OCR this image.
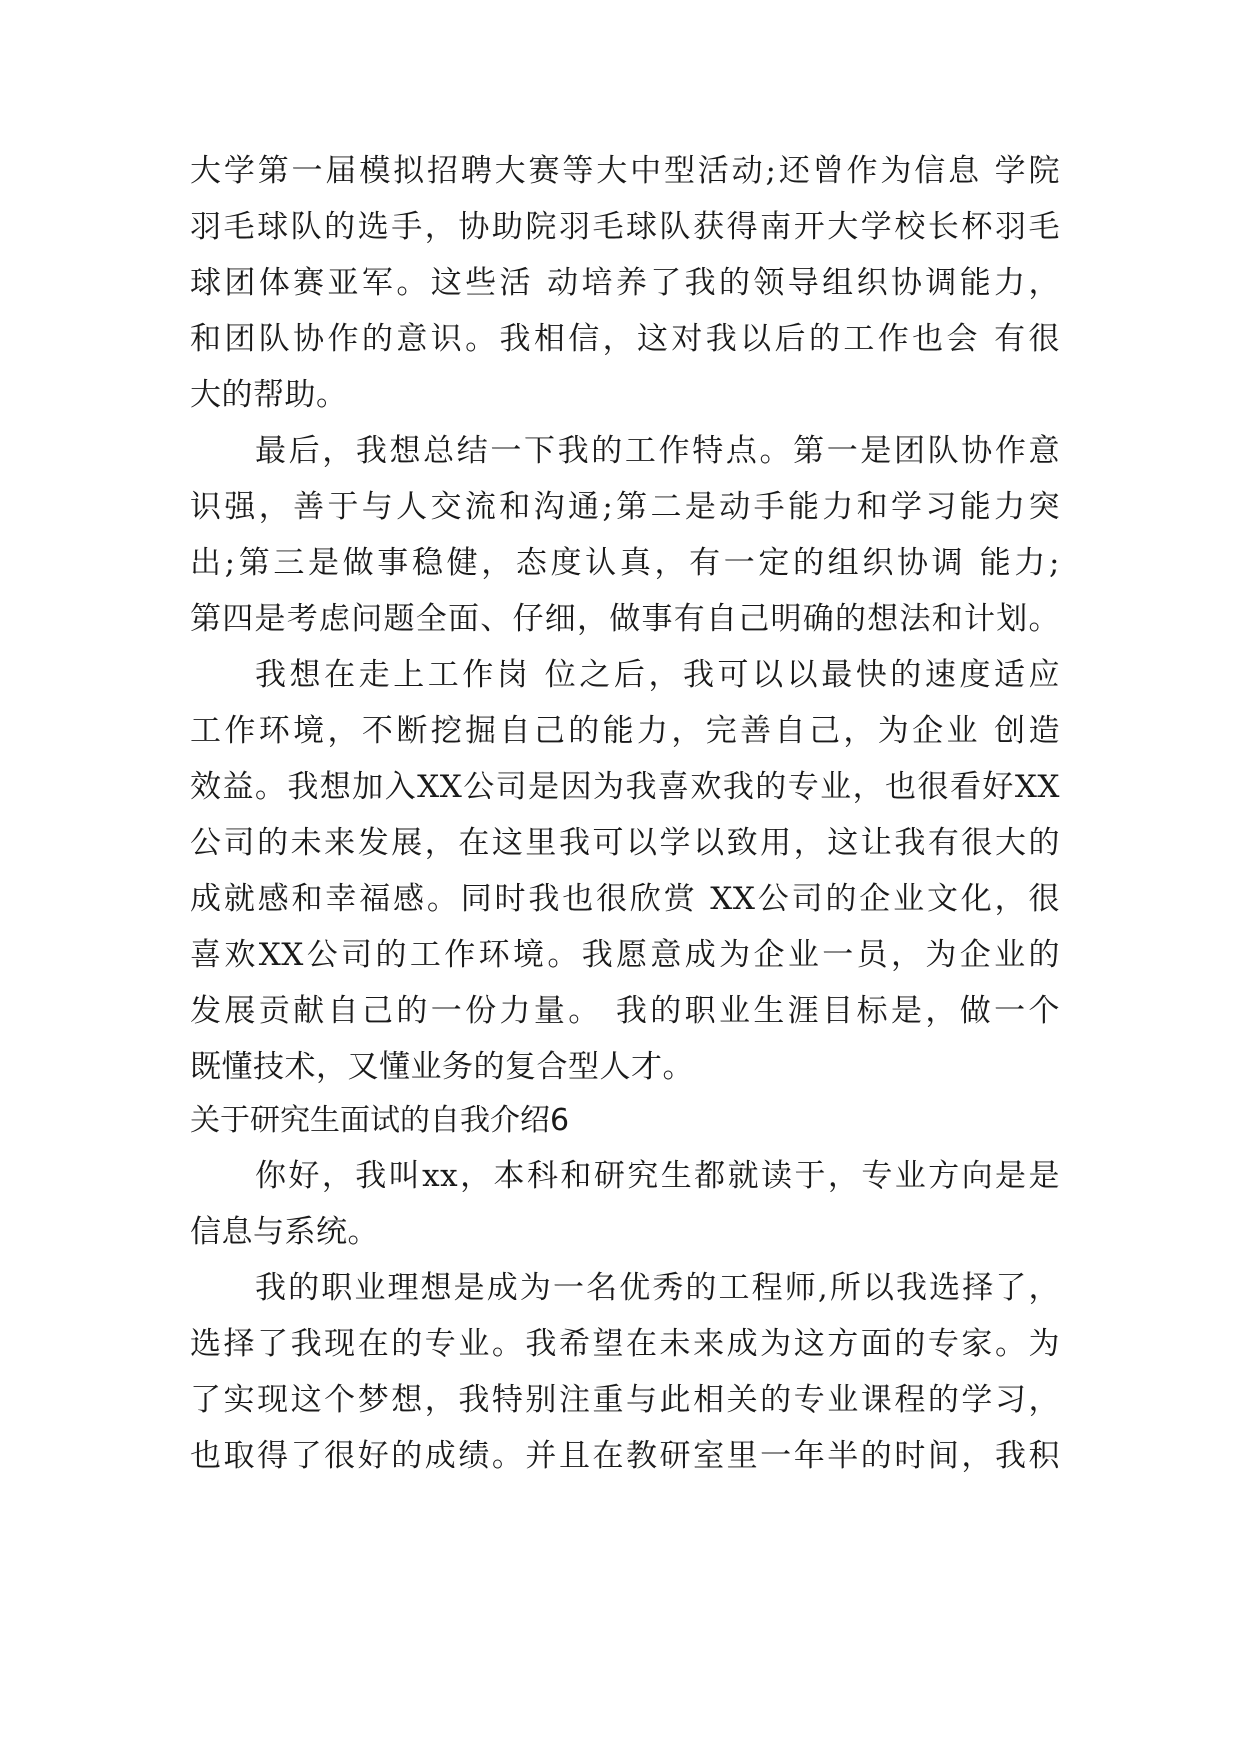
大学第一届模拟招聘大赛等大中型活动;还曾作为信息 学院
羽毛球队的选手，协助院羽毛球队获得南开大学校长杯羽毛
球团体赛亚军。这些活 动培养了我的领导组织协调能力，
和团队协作的意识。我相信，这对我以后的工作也会 有很
大的帮助。
最后，我想总结一下我的工作特点。第一是团队协作意
识强，善于与人交流和沟通;第二是动手能力和学习能力突
出;第三是做事稳健，态度认真，有一定的组织协调 能力;
第四是考虑问题全面、仔细，做事有自己明确的想法和计划。
我想在走上工作岗 位之后，我可以以最快的速度适应
工作环境，不断挖掘自己的能力，完善自己，为企业 创造
效益。我想加入XX公司是因为我喜欢我的专业，也很看好XX
公司的未来发展，在这里我可以学以致用，这让我有很大的
成就感和幸福感。同时我也很欣赏 XX公司的企业文化，很
喜欢XX公司的工作环境。我愿意成为企业一员，为企业的
发展贡献自己的一份力量。 我的职业生涯目标是，做一个
既懂技术，又懂业务的复合型人才。
关于研究生面试的自我介绍6
你好，我叫xx，本科和研究生都就读于，专业方向是是
信息与系统。
我的职业理想是成为一名优秀的工程师,所以我选择了，
选择了我现在的专业。我希望在未来成为这方面的专家。为
了实现这个梦想，我特别注重与此相关的专业课程的学习，
也取得了很好的成绩。并且在教研室里一年半的时间，我积
